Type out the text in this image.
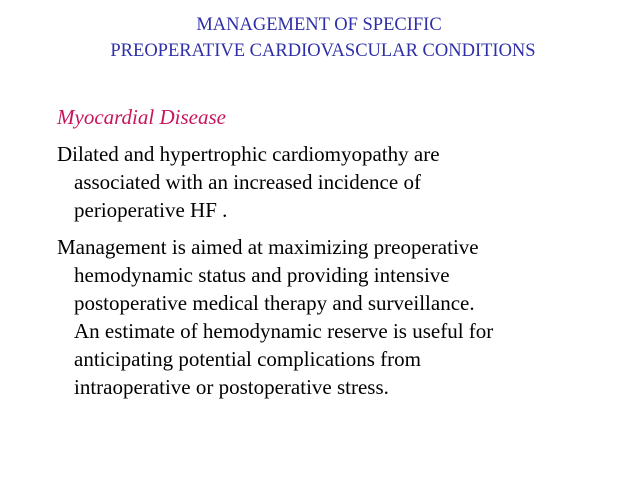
MANAGEMENT OF SPECIFIC
PREOPERATIVE CARDIOVASCULAR CONDITIONS
Myocardial Disease
Dilated and hypertrophic cardiomyopathy are
associated with an increased incidence of
perioperative HF .
Management is aimed at maximizing preoperative
hemodynamic status and providing intensive
postoperative medical therapy and surveillance.
An estimate of hemodynamic reserve is useful for
anticipating potential complications from
intraoperative or postoperative stress.
